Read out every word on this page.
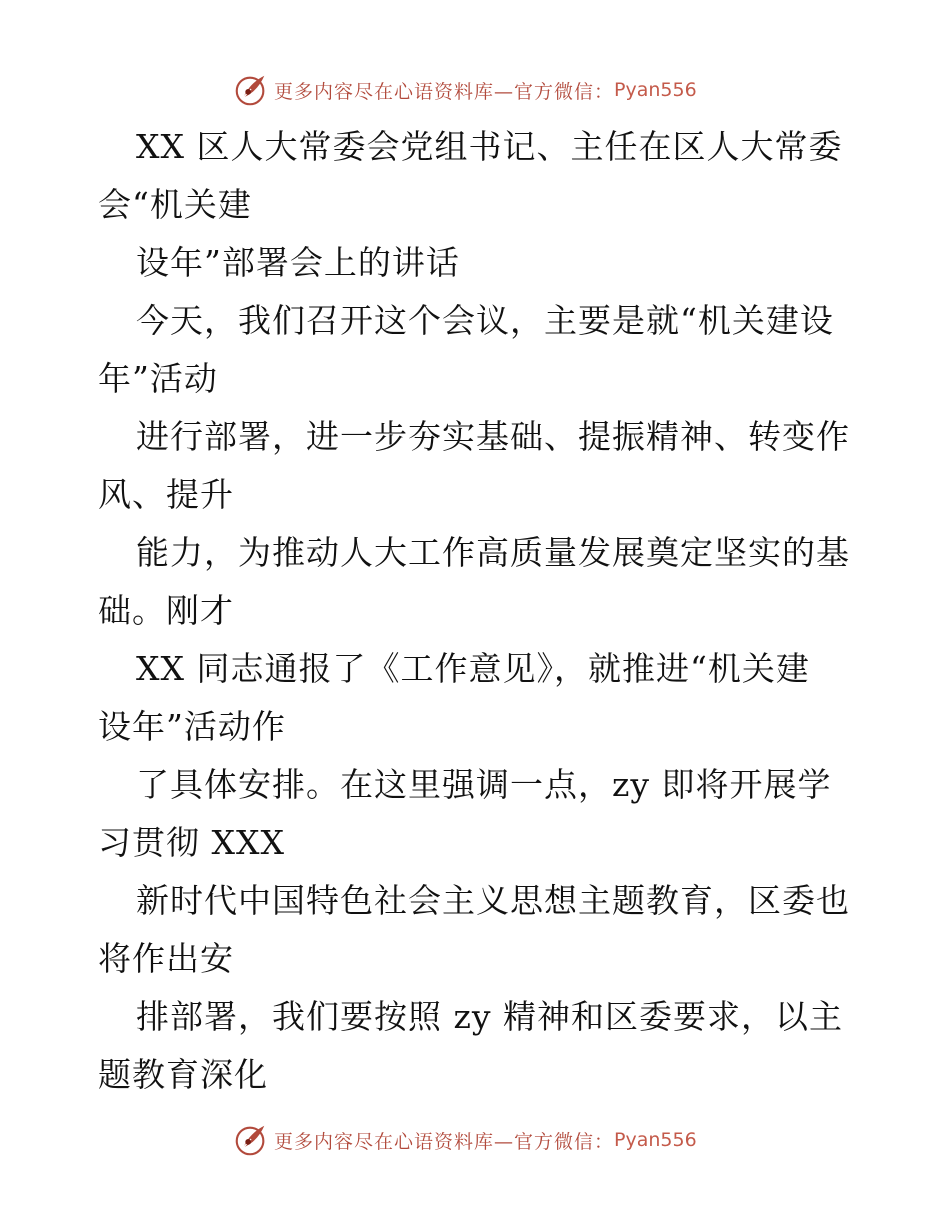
更多内容尽在心语资料库—官方微信： Pyan556
XX 区人大常委会党组书记、主任在区人大常委
会“机关建
设年”部署会上的讲话
今天，我们召开这个会议，主要是就“机关建设
年”活动
进行部署，进一步夯实基础、提振精神、转变作
风、提升
能力，为推动人大工作高质量发展奠定坚实的基
础。刚才
XX 同志通报了《工作意见》，就推进“机关建
设年”活动作
了具体安排。在这里强调一点，zy 即将开展学
习贯彻 XXX
新时代中国特色社会主义思想主题教育，区委也
将作出安
排部署，我们要按照 zy 精神和区委要求，以主
题教育深化
更多内容尽在心语资料库—官方微信： Pyan556
